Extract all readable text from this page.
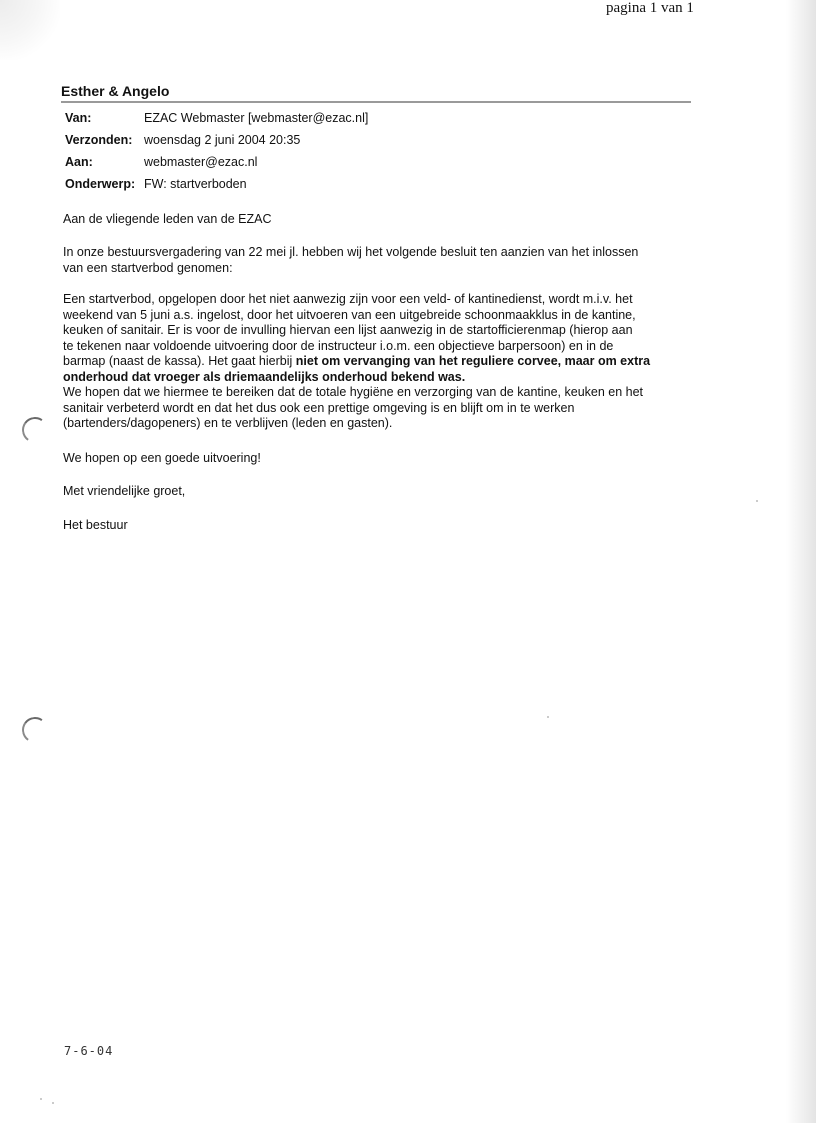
pagina 1 van 1
Esther & Angelo
Van:	EZAC Webmaster [webmaster@ezac.nl]
Verzonden: woensdag 2 juni 2004 20:35
Aan:	webmaster@ezac.nl
Onderwerp: FW: startverboden
Aan de vliegende leden van de EZAC
In onze bestuursvergadering van 22 mei jl. hebben wij het volgende besluit ten aanzien van het inlossen
van een startverbod genomen:
Een startverbod, opgelopen door het niet aanwezig zijn voor een veld- of kantinedienst, wordt m.i.v. het
weekend van 5 juni a.s. ingelost, door het uitvoeren van een uitgebreide schoonmaakklus in de kantine,
keuken of sanitair. Er is voor de invulling hiervan een lijst aanwezig in de startofficierenmap (hierop aan
te tekenen naar voldoende uitvoering door de instructeur i.o.m. een objectieve barpersoon) en in de
barmap (naast de kassa). Het gaat hierbij niet om vervanging van het reguliere corvee, maar om extra
onderhoud dat vroeger als driemaandelijks onderhoud bekend was.
We hopen dat we hiermee te bereiken dat de totale hygiëne en verzorging van de kantine, keuken en het
sanitair verbeterd wordt en dat het dus ook een prettige omgeving is en blijft om in te werken
(bartenders/dagopeners) en te verblijven (leden en gasten).
We hopen op een goede uitvoering!
Met vriendelijke groet,
Het bestuur
7-6-04
